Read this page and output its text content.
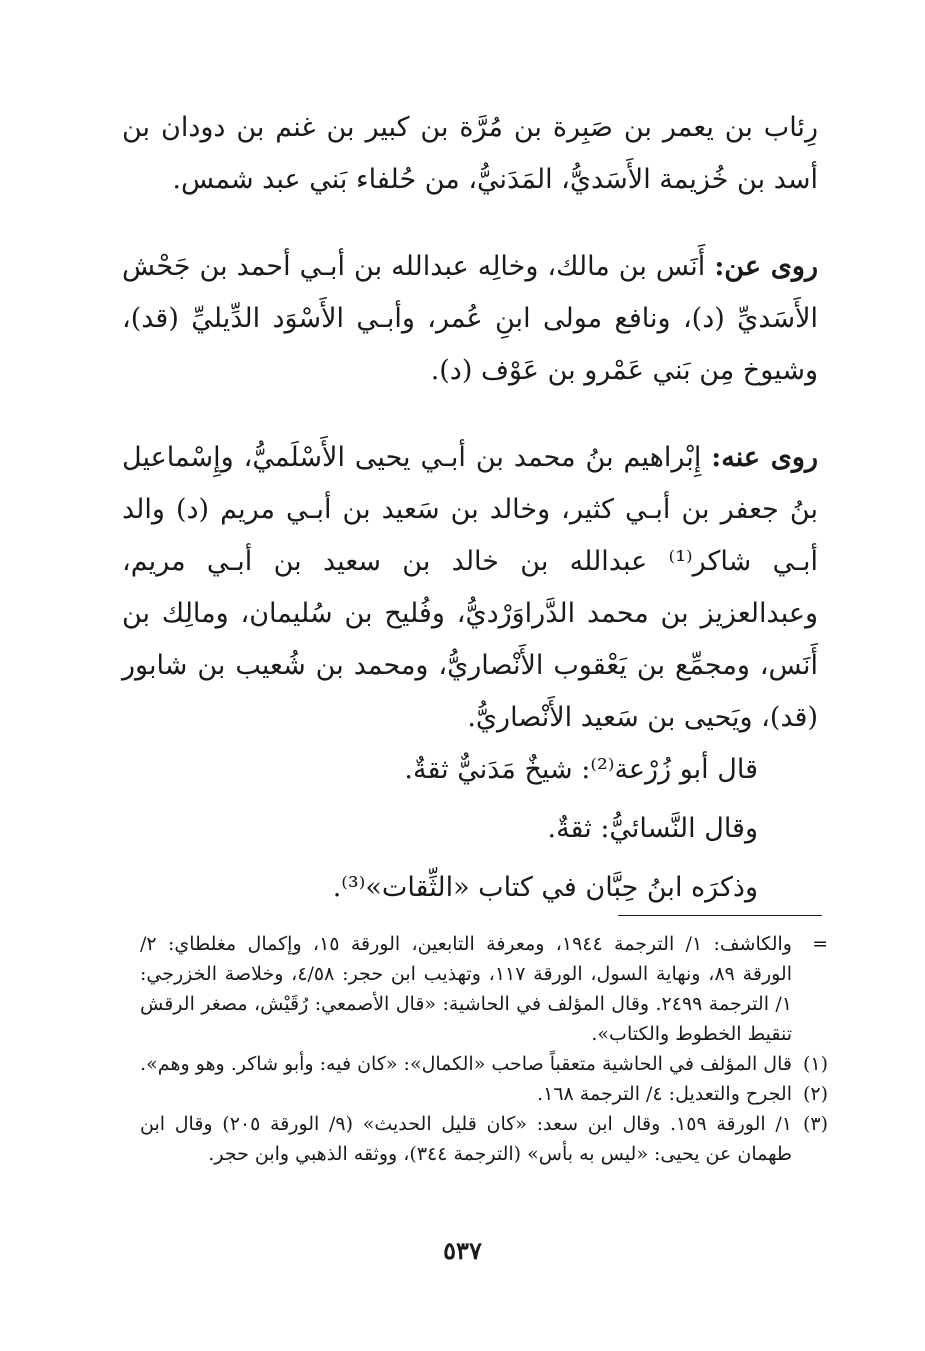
رِئاب بن يعمر بن صَبِرة بن مُرَّة بن كبير بن غنم بن دودان بن أسد بن خُزيمة الأَسَديُّ، المَدَنيُّ، من حُلفاء بَني عبد شمس.

روى عن: أَنَس بن مالك، وخالِه عبدالله بن أبـي أحمد بن جَحْش الأَسَديِّ (د)، ونافع مولى ابنِ عُمر، وأبـي الأَسْوَد الدِّيليِّ (قد)، وشيوخ مِن بَني عَمْرو بن عَوْف (د).

روى عنه: إِبْراهيم بنُ محمد بن أبـي يحيى الأَسْلَميُّ، وإِسْماعيل بنُ جعفر بن أبـي كثير، وخالد بن سَعيد بن أبـي مريم (د) والد أبـي شاكر⁽¹⁾ عبدالله بن خالد بن سعيد بن أبـي مريم، وعبدالعزيز بن محمد الدَّراوَرْديُّ، وفُليح بن سُليمان، ومالِك بن أَنَس، ومجمِّع بن يَعْقوب الأَنْصاريُّ، ومحمد بن شُعيب بن شابور (قد)، ويَحيى بن سَعيد الأَنْصاريُّ.

قال أبو زُرْعة⁽²⁾: شيخٌ مَدَنيٌّ ثقةٌ.

وقال النَّسائيُّ: ثقةٌ.

وذكرَه ابنُ حِبَّان في كتاب «الثِّقات»⁽³⁾.

=
والكاشف: ١/ الترجمة ١٩٤٤، ومعرفة التابعين، الورقة ١٥، وإكمال مغلطاي: ٢/ الورقة ٨٩، ونهاية السول، الورقة ١١٧، وتهذيب ابن حجر: ٤/٥٨، وخلاصة الخزرجي: ١/ الترجمة ٢٤٩٩. وقال المؤلف في الحاشية: «قال الأصمعي: رُقَيْش، مصغر الرقش تنقيط الخطوط والكتاب».
(١)
قال المؤلف في الحاشية متعقباً صاحب «الكمال»: «كان فيه: وأبو شاكر. وهو وهم».
(٢)
الجرح والتعديل: ٤/ الترجمة ١٦٨.
(٣)
١/ الورقة ١٥٩. وقال ابن سعد: «كان قليل الحديث» (٩/ الورقة ٢٠٥) وقال ابن طهمان عن يحيى: «ليس به بأس» (الترجمة ٣٤٤)، ووثقه الذهبي وابن حجر.
٥٣٧
